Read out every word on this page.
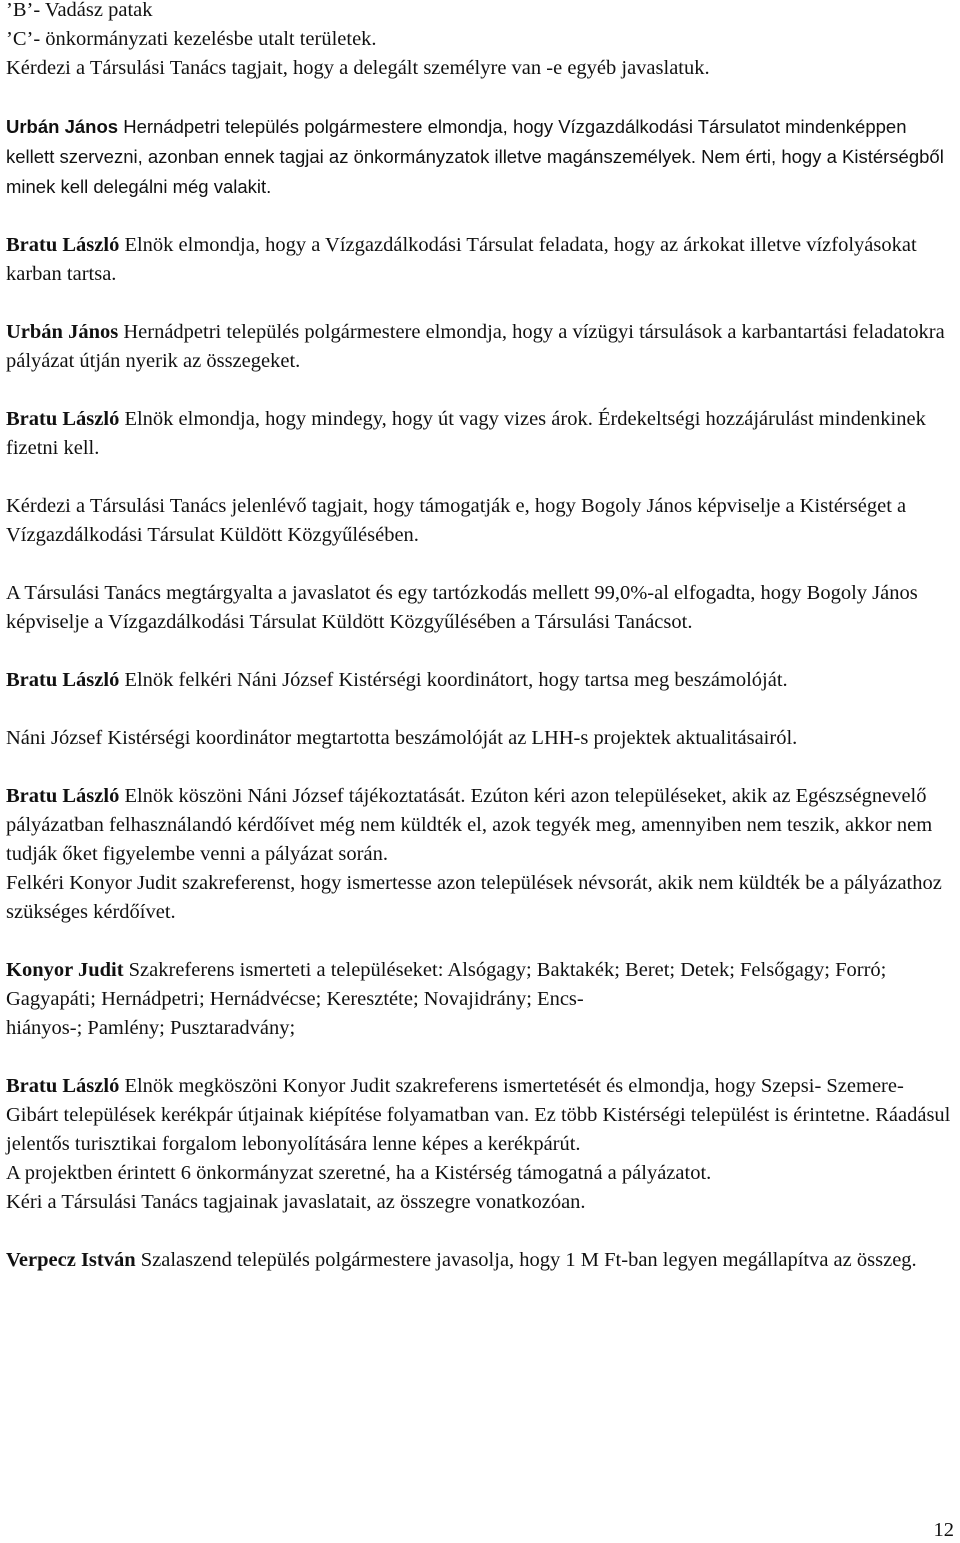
’B’- Vadász patak
’C’- önkormányzati kezelésbe utalt területek.
Kérdezi a Társulási Tanács tagjait, hogy a delegált személyre van -e egyéb javaslatuk.

Urbán János Hernádpetri település polgármestere elmondja, hogy Vízgazdálkodási Társulatot mindenképpen kellett szervezni, azonban ennek tagjai az önkormányzatok illetve magánszemélyek. Nem érti, hogy a Kistérségből minek kell delegálni még valakit.

Bratu László Elnök elmondja, hogy a Vízgazdálkodási Társulat feladata, hogy az árkokat illetve vízfolyásokat karban tartsa.

Urbán János Hernádpetri település polgármestere elmondja, hogy a vízügyi társulások a karbantartási feladatokra pályázat útján nyerik az összegeket.

Bratu László Elnök elmondja, hogy mindegy, hogy út vagy vizes árok. Érdekeltségi hozzájárulást mindenkinek fizetni kell.

Kérdezi a Társulási Tanács jelenlévő tagjait, hogy támogatják e, hogy Bogoly János képviselje a Kistérséget a Vízgazdálkodási Társulat Küldött Közgyűlésében.

A Társulási Tanács megtárgyalta a javaslatot és egy tartózkodás mellett 99,0%-al elfogadta, hogy Bogoly János képviselje a Vízgazdálkodási Társulat Küldött Közgyűlésében a Társulási Tanácsot.

Bratu László Elnök felkéri Náni József Kistérségi koordinátort, hogy tartsa meg beszámolóját.

Náni József Kistérségi koordinátor megtartotta beszámolóját az LHH-s projektek aktualitásairól.

Bratu László Elnök köszöni Náni József tájékoztatását. Ezúton kéri azon településeket, akik az Egészségnevelő pályázatban felhasználandó kérdőívet még nem küldték el, azok tegyék meg, amennyiben nem teszik, akkor nem tudják őket figyelembe venni a pályázat során.
Felkéri Konyor Judit szakreferenst, hogy ismertesse azon települések névsorát, akik nem küldték be a pályázathoz szükséges kérdőívet.

Konyor Judit Szakreferens ismerteti a településeket: Alsógagy; Baktakék; Beret; Detek; Felsőgagy; Forró; Gagyapáti; Hernádpetri; Hernádvécse; Keresztéte; Novajidrány; Encs-
hiányos-; Pamlény; Pusztaradvány;

Bratu László Elnök megköszöni Konyor Judit szakreferens ismertetését és elmondja, hogy Szepsi- Szemere- Gibárt települések kerékpár útjainak kiépítése folyamatban van. Ez több Kistérségi települést is érintetne. Ráadásul jelentős turisztikai forgalom lebonyolítására lenne képes a kerékpárút.
A projektben érintett 6 önkormányzat szeretné, ha a Kistérség támogatná a pályázatot.
Kéri a Társulási Tanács tagjainak javaslatait, az összegre vonatkozóan.

Verpecz István Szalaszend település polgármestere javasolja, hogy 1 M Ft-ban legyen megállapítva az összeg.

12
